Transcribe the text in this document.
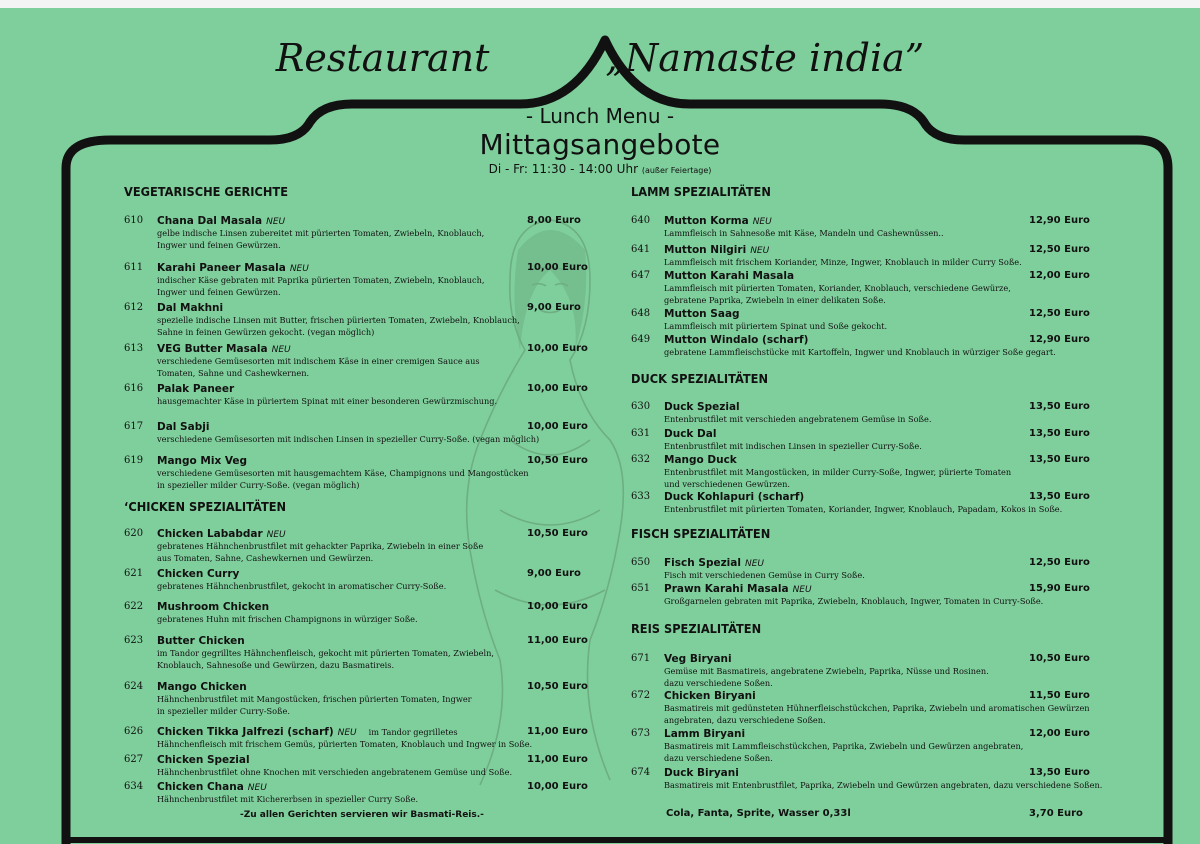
Restaurant	„Namaste india”
- Lunch Menu -
Mittagsangebote
Di - Fr: 11:30 - 14:00 Uhr (außer Feiertage)
VEGETARISCHE GERICHTE
610 Chana Dal Masala NEU	8,00 Euro
gelbe indische Linsen zubereitet mit pürierten Tomaten, Zwiebeln, Knoblauch,
Ingwer und feinen Gewürzen.
611 Karahi Paneer Masala NEU	10,00 Euro
indischer Käse gebraten mit Paprika pürierten Tomaten, Zwiebeln, Knoblauch,
Ingwer und feinen Gewürzen.
612 Dal Makhni	9,00 Euro
spezielle indische Linsen mit Butter, frischen pürierten Tomaten, Zwiebeln, Knoblauch,
Sahne in feinen Gewürzen gekocht. (vegan möglich)
613 VEG Butter Masala NEU	10,00 Euro
verschiedene Gemüsesorten mit indischem Käse in einer cremigen Sauce aus
Tomaten, Sahne und Cashewkernen.
616 Palak Paneer	10,00 Euro
hausgemachter Käse in püriertem Spinat mit einer besonderen Gewürzmischung.
617 Dal Sabji	10,00 Euro
verschiedene Gemüsesorten mit indischen Linsen in spezieller Curry-Soße. (vegan möglich)
619 Mango Mix Veg	10,50 Euro
verschiedene Gemüsesorten mit hausgemachtem Käse, Champignons und Mangostücken
in spezieller milder Curry-Soße. (vegan möglich)
‘CHICKEN SPEZIALITÄTEN
620 Chicken Lababdar NEU	10,50 Euro
gebratenes Hähnchenbrustfilet mit gehackter Paprika, Zwiebeln in einer Soße
aus Tomaten, Sahne, Cashewkernen und Gewürzen.
621 Chicken Curry	9,00 Euro
gebratenes Hähnchenbrustfilet, gekocht in aromatischer Curry-Soße.
622 Mushroom Chicken	10,00 Euro
gebratenes Huhn mit frischen Champignons in würziger Soße.
623 Butter Chicken	11,00 Euro
im Tandor gegrilltes Hähnchenfleisch, gekocht mit pürierten Tomaten, Zwiebeln,
Knoblauch, Sahnesoße und Gewürzen, dazu Basmatireis.
624 Mango Chicken	10,50 Euro
Hähnchenbrustfilet mit Mangostücken, frischen pürierten Tomaten, Ingwer
in spezieller milder Curry-Soße.
626 Chicken Tikka Jalfrezi (scharf) NEU im Tandor gegrilletes	11,00 Euro
Hähnchenfleisch mit frischem Gemüs, pürierten Tomaten, Knoblauch und Ingwer in Soße.
627 Chicken Spezial	11,00 Euro
Hähnchenbrustfilet ohne Knochen mit verschieden angebratenem Gemüse und Soße.
634 Chicken Chana NEU	10,00 Euro
Hähnchenbrustfilet mit Kichererbsen in spezieller Curry Soße.
-Zu allen Gerichten servieren wir Basmati-Reis.-
LAMM SPEZIALITÄTEN
640 Mutton Korma NEU	12,90 Euro
Lammfleisch in Sahnesoße mit Käse, Mandeln und Cashewnüssen..
641 Mutton Nilgiri NEU	12,50 Euro
Lammfleisch mit frischem Koriander, Minze, Ingwer, Knoblauch in milder Curry Soße.
647 Mutton Karahi Masala	12,00 Euro
Lammfleisch mit pürierten Tomaten, Koriander, Knoblauch, verschiedene Gewürze,
gebratene Paprika, Zwiebeln in einer delikaten Soße.
648 Mutton Saag	12,50 Euro
Lammfleisch mit püriertem Spinat und Soße gekocht.
649 Mutton Windalo (scharf)	12,90 Euro
gebratene Lammfleischstücke mit Kartoffeln, Ingwer und Knoblauch in würziger Soße gegart.
DUCK SPEZIALITÄTEN
630 Duck Spezial	13,50 Euro
Entenbrustfilet mit verschieden angebratenem Gemüse in Soße.
631 Duck Dal	13,50 Euro
Entenbrustfilet mit indischen Linsen in spezieller Curry-Soße.
632 Mango Duck	13,50 Euro
Entenbrustfilet mit Mangostücken, in milder Curry-Soße, Ingwer, pürierte Tomaten
und verschiedenen Gewürzen.
633 Duck Kohlapuri (scharf)	13,50 Euro
Entenbrustfilet mit pürierten Tomaten, Koriander, Ingwer, Knoblauch, Papadam, Kokos in Soße.
FISCH SPEZIALITÄTEN
650 Fisch Spezial NEU	12,50 Euro
Fisch mit verschiedenen Gemüse in Curry Soße.
651 Prawn Karahi Masala NEU	15,90 Euro
Großgarnelen gebraten mit Paprika, Zwiebeln, Knoblauch, Ingwer, Tomaten in Curry-Soße.
REIS SPEZIALITÄTEN
671 Veg Biryani	10,50 Euro
Gemüse mit Basmatireis, angebratene Zwiebeln, Paprika, Nüsse und Rosinen.
dazu verschiedene Soßen.
672 Chicken Biryani	11,50 Euro
Basmatireis mit gedünsteten Hühnerfleischstückchen, Paprika, Zwiebeln und aromatischen Gewürzen
angebraten, dazu verschiedene Soßen.
673 Lamm Biryani	12,00 Euro
Basmatireis mit Lammfleischstückchen, Paprika, Zwiebeln und Gewürzen angebraten,
dazu verschiedene Soßen.
674 Duck Biryani	13,50 Euro
Basmatireis mit Entenbrustfilet, Paprika, Zwiebeln und Gewürzen angebraten, dazu verschiedene Soßen.
Cola, Fanta, Sprite, Wasser 0,33l	3,70 Euro
